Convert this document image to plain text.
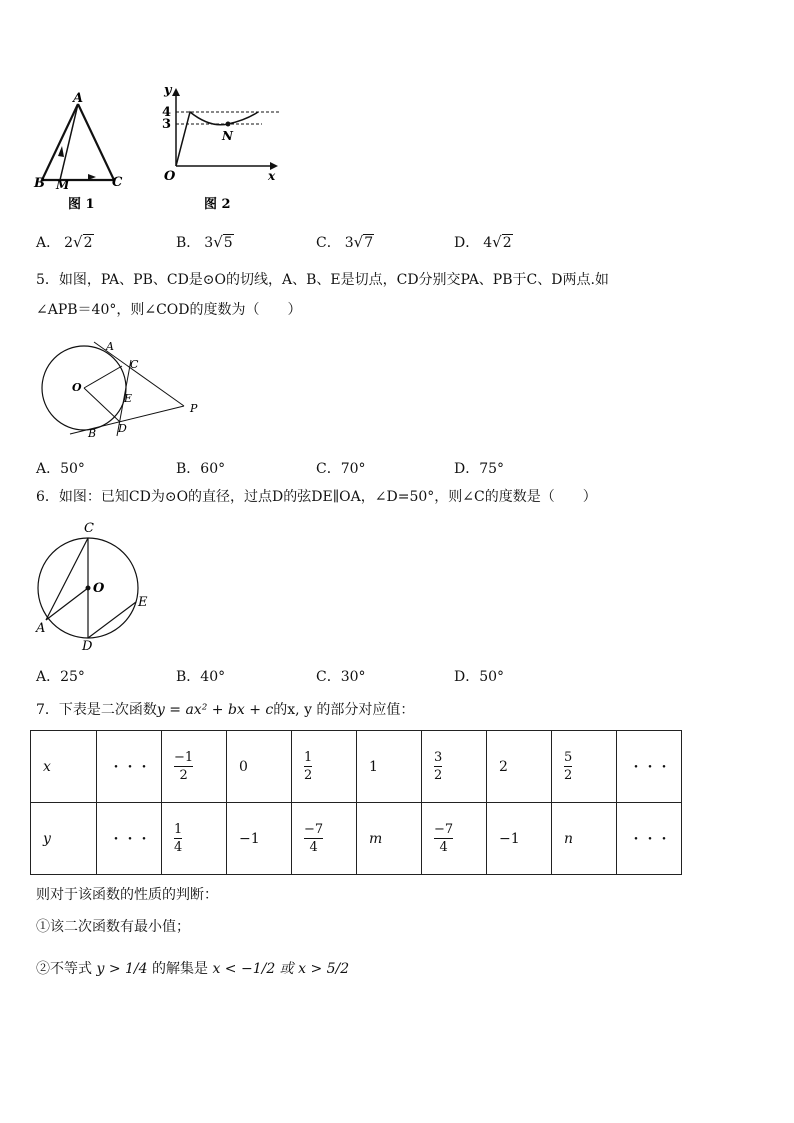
A
B M	C
图 1
y
4
3
N
O	x
图 2
A． 2√2	B． 3√5	C． 3√7	D． 4√2
5．如图，PA、PB、CD是⊙O的切线，A、B、E是切点，CD分别交PA、PB于C、D两点.如
∠APB＝40°，则∠COD的度数为（　　）
A
C
O
E
P
B D
A．50°	B．60°	C．70°	D．75°
6．如图：已知CD为⊙O的直径，过点D的弦DE∥OA，∠D=50°，则∠C的度数是（　　）
C
O
E
A
D
A．25°	B．40°	C．30°	D．50°
7．下表是二次函数y = ax² + bx + c的x, y 的部分对应值：
x	・・・	$\frac{-1}{2}$	0	$\frac{1}{2}$	1	$\frac{3}{2}$	2	$\frac{5}{2}$	・・・
y	・・・	$\frac{1}{4}$	−1	$\frac{-7}{4}$	m	$\frac{-7}{4}$	−1	n	・・・
则对于该函数的性质的判断：
①该二次函数有最小值；
②不等式 y > 1/4 的解集是 x < −1/2 或 x > 5/2
